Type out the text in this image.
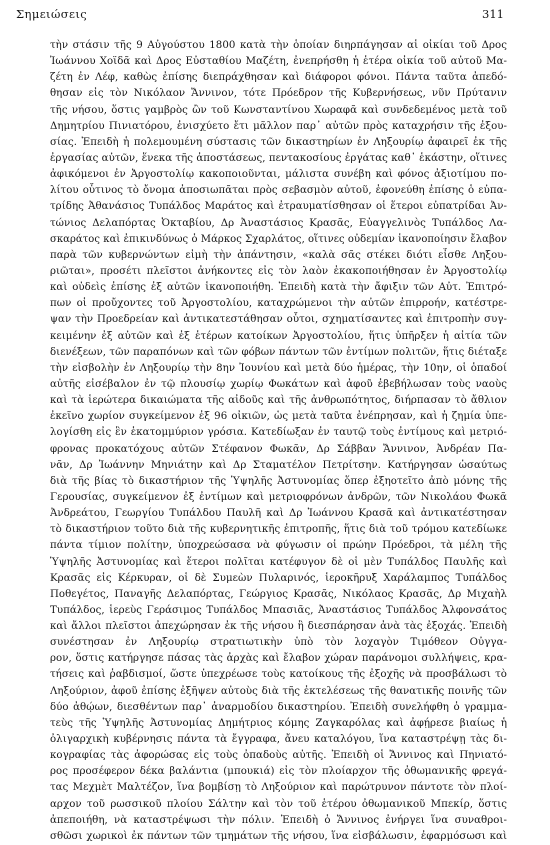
Σημειώσεις	311
τὴν στάσιν τῆς 9 Αὐγούστου 1800 κατὰ τὴν ὁποίαν διηρπάγησαν αἱ οἰκίαι τοῦ Δρος
Ἰωάννου Χοϊδᾶ καὶ Δρος Εὐσταθίου Μαζέτη, ἐνεπρήσθη ἡ ἑτέρα οἰκία τοῦ αὐτοῦ Μα-
ζέτη ἐν Λέφ, καθὼς ἐπίσης διεπράχθησαν καὶ διάφοροι φόνοι. Πάντα ταῦτα ἀπεδό-
θησαν εἰς τὸν Νικόλαον Ἄννινον, τότε Πρόεδρον τῆς Κυβερνήσεως, νῦν Πρύτανιν
τῆς νήσου, ὅστις γαμβρὸς ὢν τοῦ Κωνσταντίνου Χωραφᾶ καὶ συνδεδεμένος μετὰ τοῦ
Δημητρίου Πινιατόρου, ἐνισχύετο ἔτι μᾶλλον παρ᾽ αὐτῶν πρὸς καταχρήσιν τῆς ἐξου-
σίας. Ἐπειδὴ ἡ πολεμουμένη σύστασις τῶν δικαστηρίων ἐν Ληξουρίῳ ἀφαιρεῖ ἐκ τῆς
ἐργασίας αὐτῶν, ἕνεκα τῆς ἀποστάσεως, πεντακοσίους ἐργάτας καθ᾽ ἑκάστην, οἵτινες
ἀφικόμενοι ἐν Ἀργοστολίῳ κακοποιοῦνται, μάλιστα συνέβη καὶ φόνος ἀξιοτίμου πο-
λίτου οὗτινος τὸ ὄνομα ἀποσιωπᾶται πρὸς σεβασμὸν αὐτοῦ, ἐφονεύθη ἐπίσης ὁ εὐπα-
τρίδης Ἀθανάσιος Τυπάλδος Μαράτος καὶ ἐτραυματίσθησαν οἱ ἕτεροι εὐπατρίδαι Ἀν-
τώνιος Δελαπόρτας Ὀκταβίου, Δρ Ἀναστάσιος Κρασᾶς, Εὐαγγελινὸς Τυπάλδος Λα-
σκαράτος καὶ ἐπικινδύνως ὁ Μάρκος Σχαρλάτος, οἵτινες οὐδεμίαν ἱκανοποίησιν ἔλαβον
παρὰ τῶν κυβερνώντων εἰμὴ τὴν ἀπάντησιν, «καλὰ σᾶς στέκει διότι εἶσθε Ληξου-
ριῶται», προσέτι πλεῖστοι ἀνήκοντες εἰς τὸν λαὸν ἐκακοποιήθησαν ἐν Ἀργοστολίῳ
καὶ οὐδεὶς ἐπίσης ἐξ αὐτῶν ἱκανοποιήθη. Ἐπειδὴ κατὰ τὴν ἄφιξιν τῶν Αὐτ. Ἐπιτρό-
πων οἱ προὔχοντες τοῦ Ἀργοστολίου, καταχρώμενοι τὴν αὐτῶν ἐπιρροήν, κατέστρε-
ψαν τὴν Προεδρείαν καὶ ἀντικατεστάθησαν οὗτοι, σχηματίσαντες καὶ ἐπιτροπὴν συγ-
κειμένην ἐξ αὐτῶν καὶ ἐξ ἑτέρων κατοίκων Ἀργοστολίου, ἥτις ὑπῆρξεν ἡ αἰτία τῶν
διενέξεων, τῶν παραπόνων καὶ τῶν φόβων πάντων τῶν ἐντίμων πολιτῶν, ἥτις διέταξε
τὴν εἰσβολὴν ἐν Ληξουρίῳ τὴν 8ην Ἰουνίου καὶ μετὰ δύο ἡμέρας, τὴν 10ην, οἱ ὁπαδοί
αὐτῆς εἰσέβαλον ἐν τῷ πλουσίῳ χωρίῳ Φωκάτων καὶ ἀφοῦ ἐβεβήλωσαν τοὺς ναοὺς
καὶ τὰ ἱερώτερα δικαιώματα τῆς αἰδοῦς καὶ τῆς ἀνθρωπότητος, διήρπασαν τὸ ἄθλιον
ἐκεῖνο χωρίον συγκείμενον ἐξ 96 οἰκιῶν, ὡς μετὰ ταῦτα ἐνέπρησαν, καὶ ἡ ζημία ὑπε-
λογίσθη εἰς ἓν ἑκατομμύριον γρόσια. Κατεδίωξαν ἐν ταυτῷ τοὺς ἐντίμους καὶ μετριό-
φρονας προκατόχους αὐτῶν Στέφανον Φωκᾶν, Δρ Σάββαν Ἄννινον, Ἀνδρέαν Πα-
νᾶν, Δρ Ἰωάννην Μηνιάτην καὶ Δρ Σταματέλον Πετρίτσην. Κατήργησαν ὡσαύτως
διὰ τῆς βίας τὸ δικαστήριον τῆς Ὑψηλῆς Ἀστυνομίας ὅπερ ἐξηοτεῖτο ἀπὸ μόνης τῆς
Γερουσίας, συγκείμενον ἐξ ἐντίμων καὶ μετριοφρόνων ἀνδρῶν, τῶν Νικολάου Φωκᾶ
Ἀνδρεάτου, Γεωργίου Τυπάλδου Παυλῆ καὶ Δρ Ἰωάννου Κρασᾶ καὶ ἀντικατέστησαν
τὸ δικαστήριον τοῦτο διὰ τῆς κυβερνητικῆς ἐπιτροπῆς, ἥτις διὰ τοῦ τρόμου κατεδίωκε
πάντα τίμιον πολίτην, ὑποχρεώσασα νὰ φύγωσιν οἱ πρώην Πρόεδροι, τὰ μέλη τῆς
Ὑψηλῆς Ἀστυνομίας καὶ ἕτεροι πολῖται κατέφυγον δὲ οἱ μὲν Τυπάλδος Παυλῆς καὶ
Κρασᾶς εἰς Κέρκυραν, οἱ δὲ Συμεὼν Πυλαρινός, ἱεροκῆρυξ Χαράλαμπος Τυπάλδος
Ποθεγέτος, Παναγῆς Δελαπόρτας, Γεώργιος Κρασᾶς, Νικόλαος Κρασᾶς, Δρ Μιχαὴλ
Τυπάλδος, ἱερεὺς Γεράσιμος Τυπάλδος Μπασιᾶς, Ἀναστάσιος Τυπάλδος Ἀλφονσάτος
καὶ ἄλλοι πλεῖστοι ἀπεχώρησαν ἐκ τῆς νήσου ἢ διεσπάρησαν ἀνὰ τὰς ἐξοχάς. Ἐπειδὴ
συνέστησαν ἐν Ληξουρίῳ στρατιωτικὴν ὑπὸ τὸν λοχαγὸν Τιμόθεον Οὐγγα-
ρον, ὅστις κατήργησε πάσας τὰς ἀρχὰς καὶ ἔλαβον χώραν παράνομοι συλλήψεις, κρα-
τήσεις καὶ ῥαβδισμοί, ὥστε ὑπεχρέωσε τοὺς κατοίκους τῆς ἐξοχῆς νὰ προσβάλωσι τὸ
Ληξούριον, ἀφοῦ ἐπίσης ἐξῆψεν αὐτοὺς διὰ τῆς ἐκτελέσεως τῆς θανατικῆς ποινῆς τῶν
δύο ἀθῴων, διεσθέντων παρ᾽ ἀναρμοδίου δικαστηρίου. Ἐπειδὴ συνελήφθη ὁ γραμμα-
τεὺς τῆς Ὑψηλῆς Ἀστυνομίας Δημήτριος κόμης Ζαγκαρόλας καὶ ἀφῄρεσε βιαίως ἡ
ὀλιγαρχικὴ κυβέρνησις πάντα τὰ ἔγγραφα, ἄνευ καταλόγου, ἵνα καταστρέψῃ τὰς δι-
κογραφίας τὰς ἀφορώσας εἰς τοὺς ὀπαδοὺς αὐτῆς. Ἐπειδὴ οἱ Ἄννινος καὶ Πηνιατό-
ρος προσέφερον δέκα βαλάντια (μπουκιά) εἰς τὸν πλοίαρχον τῆς ὀθωμανικῆς φρεγά-
τας Μεχμὲτ Μαλτέζον, ἵνα βομβίσῃ τὸ Ληξούριον καὶ παρώτρυνον πάντοτε τὸν πλοί-
αρχον τοῦ ρωσσικοῦ πλοίου Σάλτην καὶ τὸν τοῦ ἑτέρου ὀθωμανικοῦ Μπεκίρ, ὅστις
ἀπεποιήθη, νὰ καταστρέψωσι τὴν πόλιν. Ἐπειδὴ ὁ Ἄννινος ἐνήργει ἵνα συναθροι-
σθῶσι χωρικοὶ ἐκ πάντων τῶν τμημάτων τῆς νήσου, ἵνα εἰσβάλωσιν, ἐφαρμόσωσι καὶ
